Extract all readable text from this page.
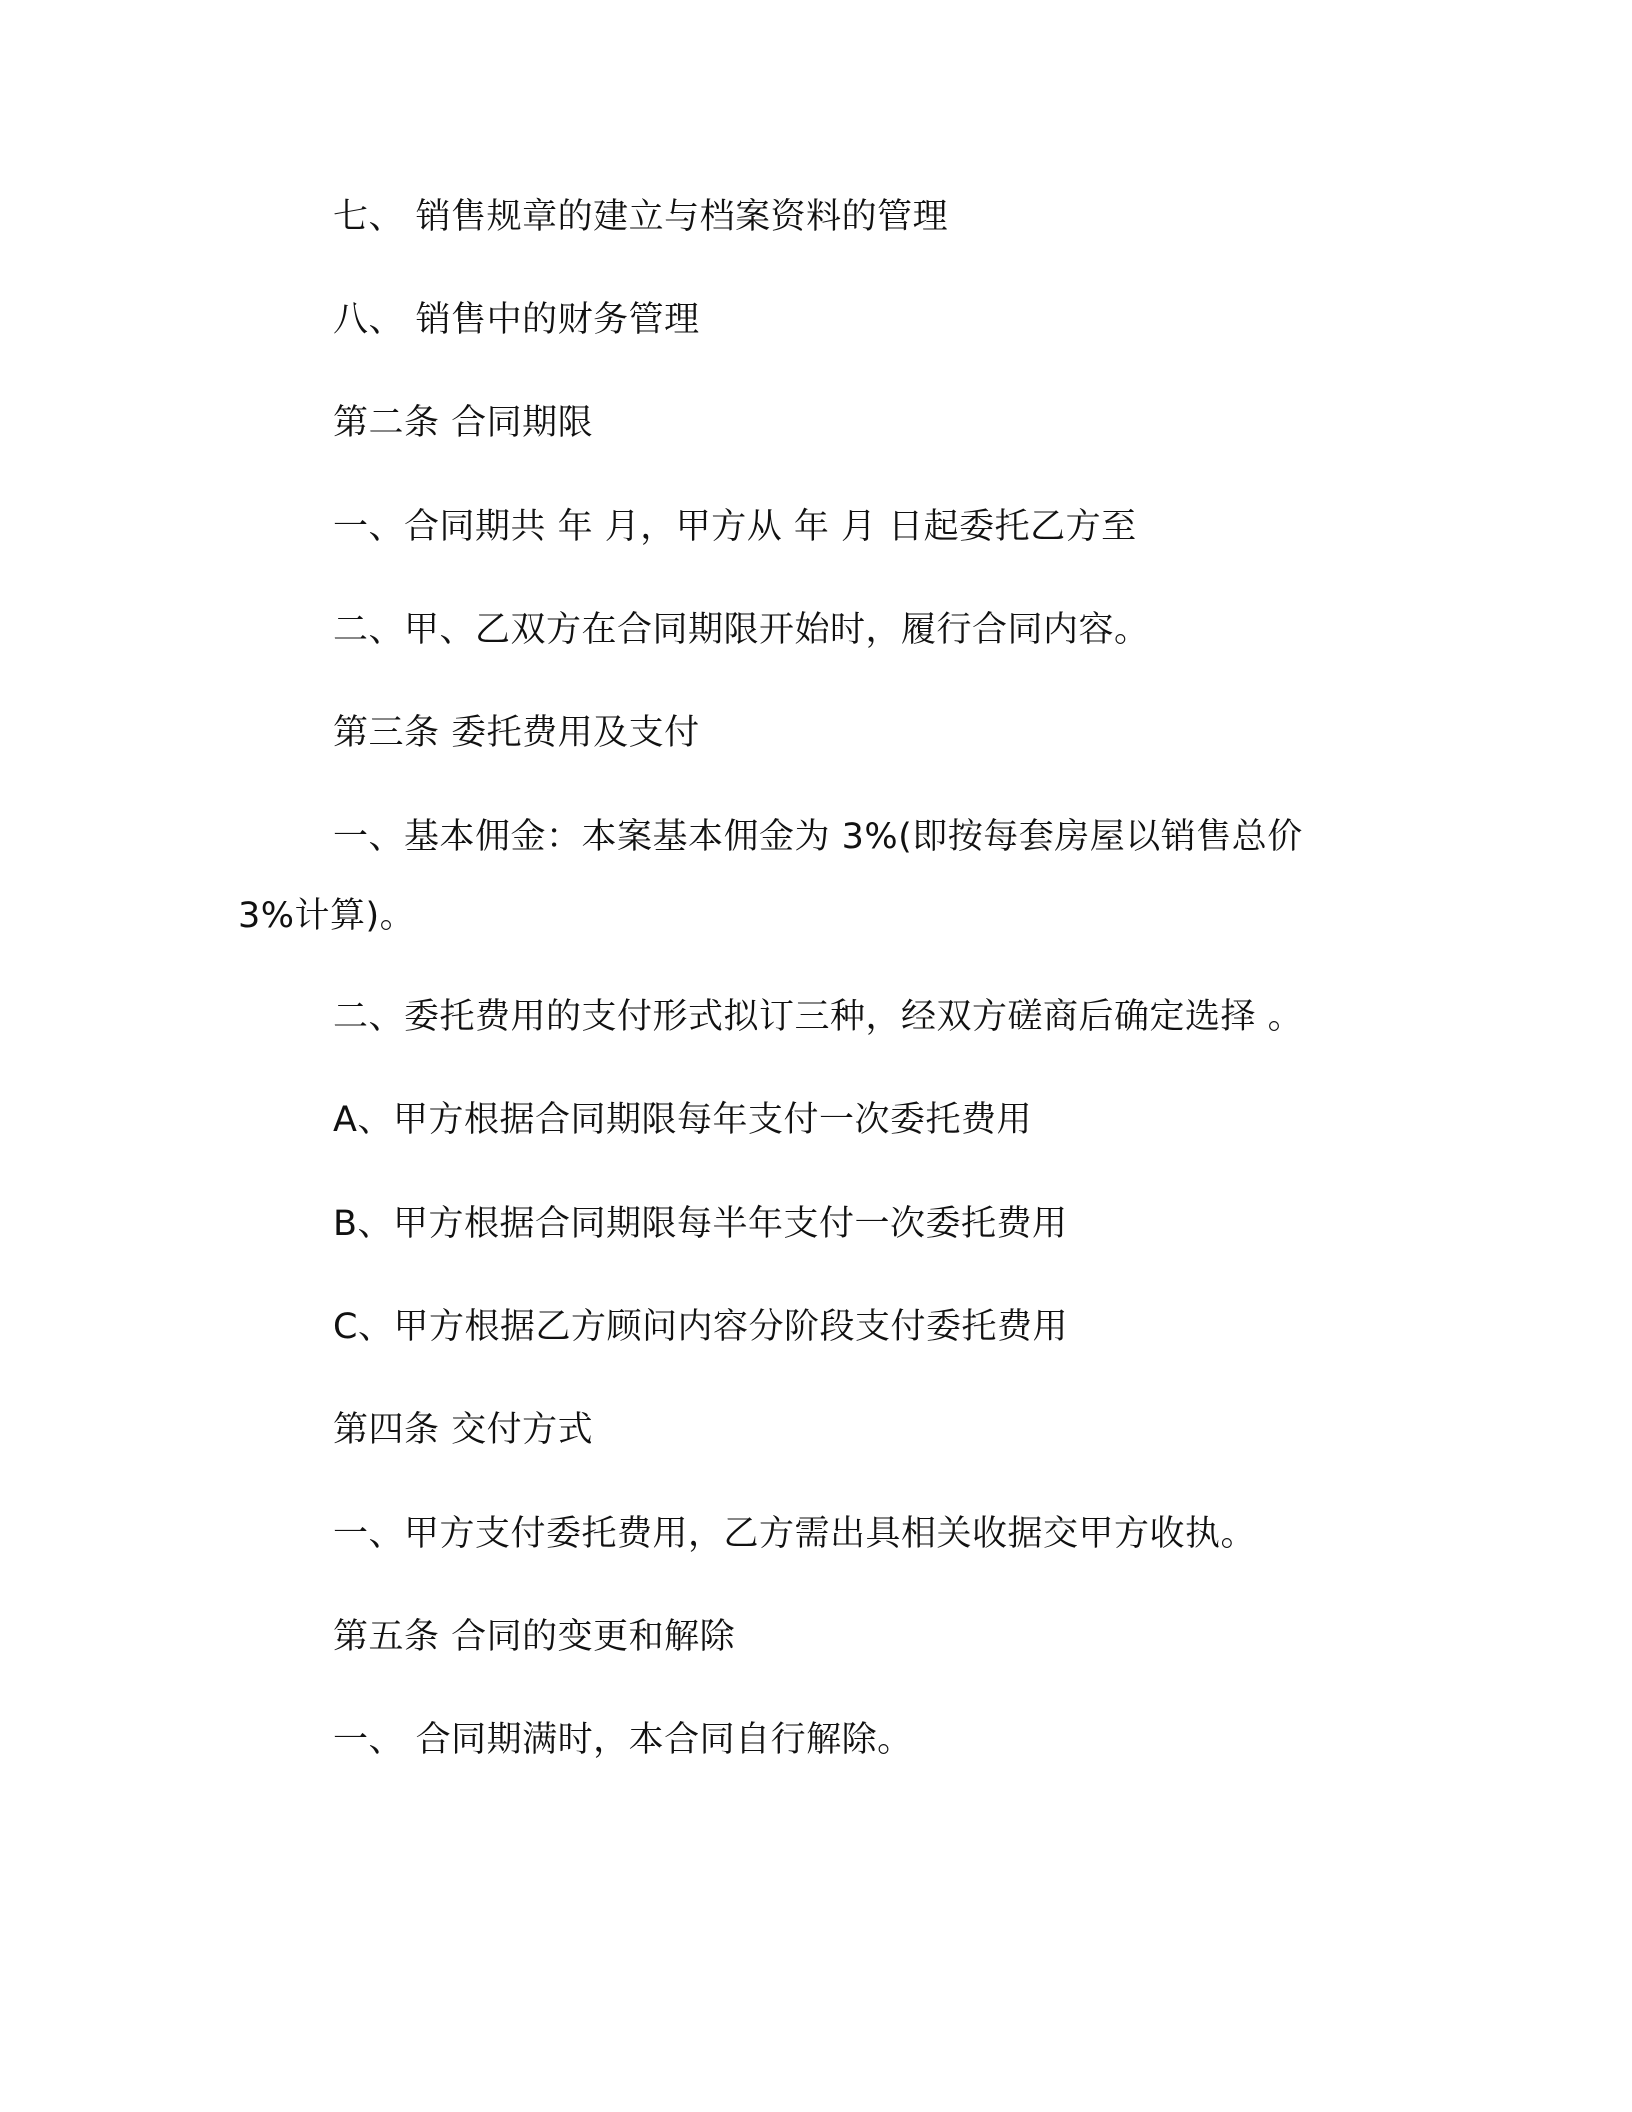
七、 销售规章的建立与档案资料的管理
八、 销售中的财务管理
第二条 合同期限
一、合同期共 年 月，甲方从 年 月 日起委托乙方至
二、甲、乙双方在合同期限开始时，履行合同内容。
第三条 委托费用及支付
一、基本佣金：本案基本佣金为 3%(即按每套房屋以销售总价
3%计算)。
二、委托费用的支付形式拟订三种，经双方磋商后确定选择 。
A、甲方根据合同期限每年支付一次委托费用
B、甲方根据合同期限每半年支付一次委托费用
C、甲方根据乙方顾问内容分阶段支付委托费用
第四条 交付方式
一、甲方支付委托费用，乙方需出具相关收据交甲方收执。
第五条 合同的变更和解除
一、 合同期满时，本合同自行解除。
